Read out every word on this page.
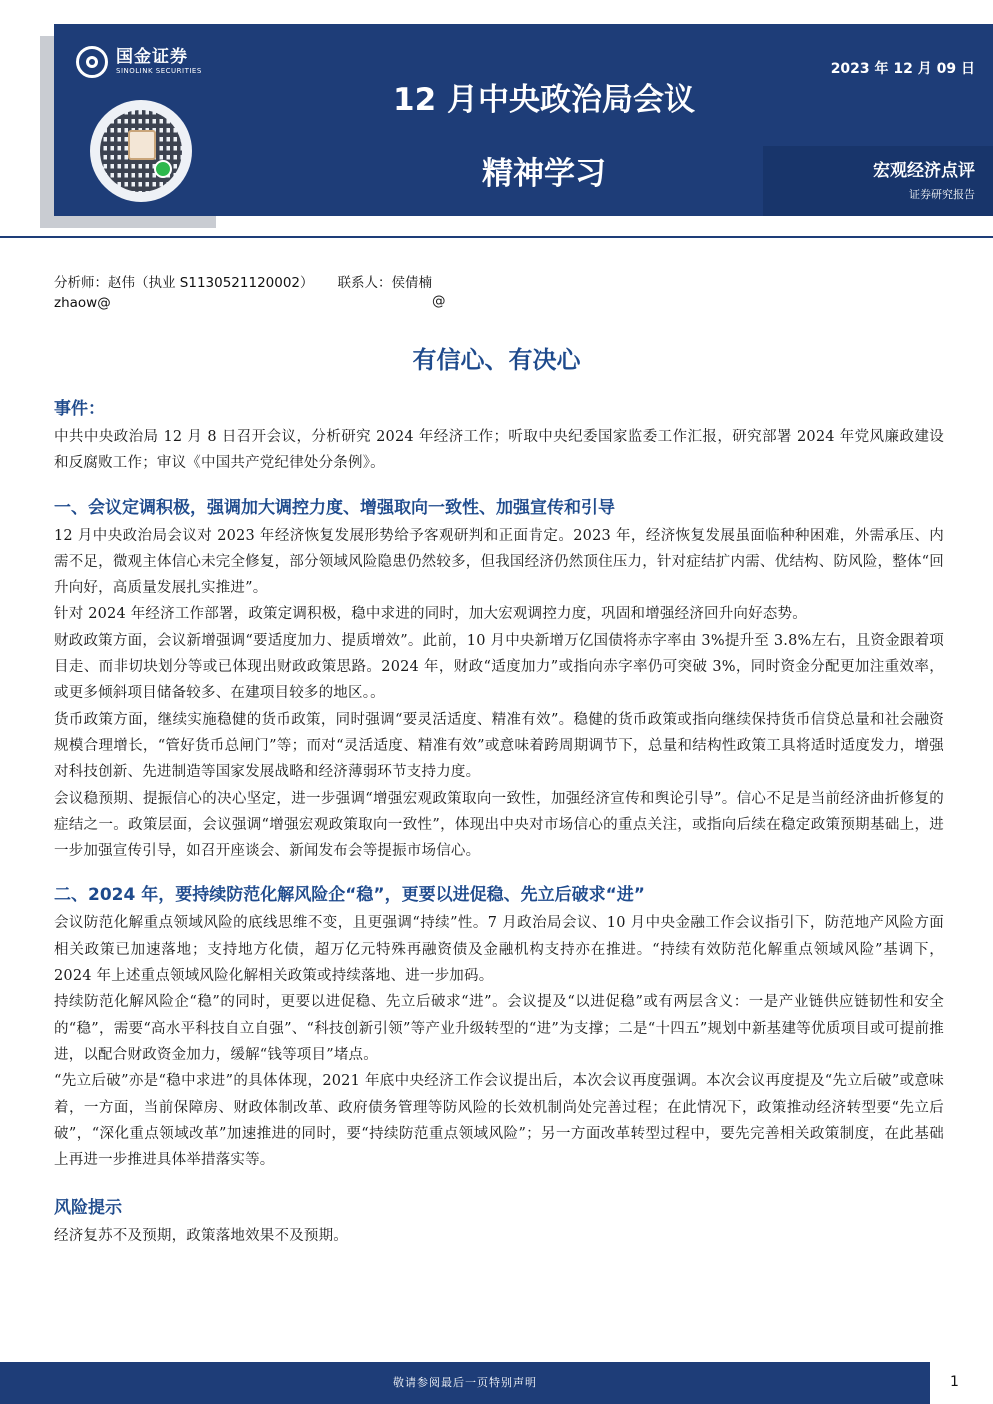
国金证券
SINOLINK SECURITIES
12 月中央政治局会议
精神学习
2023 年 12 月 09 日
宏观经济点评
证券研究报告
分析师：赵伟（执业 S1130521120002） 联系人：侯倩楠
zhaow@	@
有信心、有决心
事件：

中共中央政治局 12 月 8 日召开会议，分析研究 2024 年经济工作；听取中央纪委国家监委工作汇报，研究部署 2024 年党风廉政建设和反腐败工作；审议《中国共产党纪律处分条例》。

一、会议定调积极，强调加大调控力度、增强取向一致性、加强宣传和引导

12 月中央政治局会议对 2023 年经济恢复发展形势给予客观研判和正面肯定。2023 年，经济恢复发展虽面临种种困难，外需承压、内需不足，微观主体信心未完全修复，部分领域风险隐患仍然较多，但我国经济仍然顶住压力，针对症结扩内需、优结构、防风险，整体“回升向好，高质量发展扎实推进”。

针对 2024 年经济工作部署，政策定调积极，稳中求进的同时，加大宏观调控力度，巩固和增强经济回升向好态势。

财政政策方面，会议新增强调“要适度加力、提质增效”。此前，10 月中央新增万亿国债将赤字率由 3%提升至 3.8%左右，且资金跟着项目走、而非切块划分等或已体现出财政政策思路。2024 年，财政“适度加力”或指向赤字率仍可突破 3%，同时资金分配更加注重效率，或更多倾斜项目储备较多、在建项目较多的地区。。

货币政策方面，继续实施稳健的货币政策，同时强调“要灵活适度、精准有效”。稳健的货币政策或指向继续保持货币信贷总量和社会融资规模合理增长，“管好货币总闸门”等；而对“灵活适度、精准有效”或意味着跨周期调节下，总量和结构性政策工具将适时适度发力，增强对科技创新、先进制造等国家发展战略和经济薄弱环节支持力度。

会议稳预期、提振信心的决心坚定，进一步强调“增强宏观政策取向一致性，加强经济宣传和舆论引导”。信心不足是当前经济曲折修复的症结之一。政策层面，会议强调“增强宏观政策取向一致性”，体现出中央对市场信心的重点关注，或指向后续在稳定政策预期基础上，进一步加强宣传引导，如召开座谈会、新闻发布会等提振市场信心。

二、2024 年，要持续防范化解风险企“稳”，更要以进促稳、先立后破求“进”

会议防范化解重点领域风险的底线思维不变，且更强调“持续”性。7 月政治局会议、10 月中央金融工作会议指引下，防范地产风险方面相关政策已加速落地；支持地方化债，超万亿元特殊再融资债及金融机构支持亦在推进。“持续有效防范化解重点领域风险”基调下，2024 年上述重点领域风险化解相关政策或持续落地、进一步加码。

持续防范化解风险企“稳”的同时，更要以进促稳、先立后破求“进”。会议提及“以进促稳”或有两层含义：一是产业链供应链韧性和安全的“稳”，需要“高水平科技自立自强”、“科技创新引领”等产业升级转型的“进”为支撑；二是“十四五”规划中新基建等优质项目或可提前推进，以配合财政资金加力，缓解“钱等项目”堵点。

“先立后破”亦是“稳中求进”的具体体现，2021 年底中央经济工作会议提出后，本次会议再度强调。本次会议再度提及“先立后破”或意味着，一方面，当前保障房、财政体制改革、政府债务管理等防风险的长效机制尚处完善过程；在此情况下，政策推动经济转型要“先立后破”，“深化重点领域改革”加速推进的同时，要“持续防范重点领域风险”；另一方面改革转型过程中，要先完善相关政策制度，在此基础上再进一步推进具体举措落实等。

风险提示

经济复苏不及预期，政策落地效果不及预期。

敬请参阅最后一页特别声明	1
